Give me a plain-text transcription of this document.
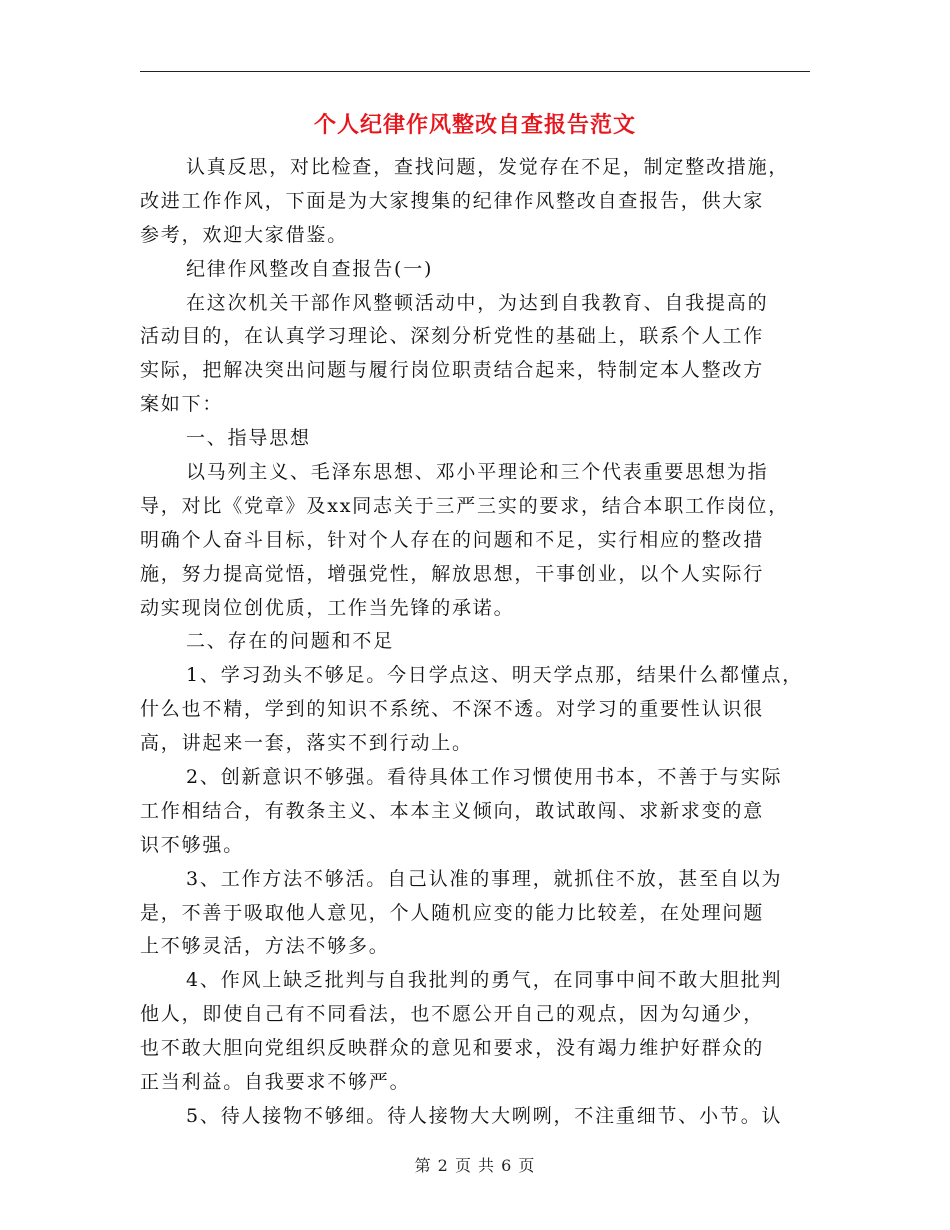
个人纪律作风整改自查报告范文
认真反思，对比检查，查找问题，发觉存在不足，制定整改措施，
改进工作作风，下面是为大家搜集的纪律作风整改自查报告，供大家
参考，欢迎大家借鉴。
纪律作风整改自查报告(一)
在这次机关干部作风整顿活动中，为达到自我教育、自我提高的
活动目的，在认真学习理论、深刻分析党性的基础上，联系个人工作
实际，把解决突出问题与履行岗位职责结合起来，特制定本人整改方
案如下：
一、指导思想
以马列主义、毛泽东思想、邓小平理论和三个代表重要思想为指
导，对比《党章》及xx同志关于三严三实的要求，结合本职工作岗位，
明确个人奋斗目标，针对个人存在的问题和不足，实行相应的整改措
施，努力提高觉悟，增强党性，解放思想，干事创业，以个人实际行
动实现岗位创优质，工作当先锋的承诺。
二、存在的问题和不足
1、学习劲头不够足。今日学点这、明天学点那，结果什么都懂点，
什么也不精，学到的知识不系统、不深不透。对学习的重要性认识很
高，讲起来一套，落实不到行动上。
2、创新意识不够强。看待具体工作习惯使用书本，不善于与实际
工作相结合，有教条主义、本本主义倾向，敢试敢闯、求新求变的意
识不够强。
3、工作方法不够活。自己认准的事理，就抓住不放，甚至自以为
是，不善于吸取他人意见，个人随机应变的能力比较差，在处理问题
上不够灵活，方法不够多。
4、作风上缺乏批判与自我批判的勇气，在同事中间不敢大胆批判
他人，即使自己有不同看法，也不愿公开自己的观点，因为勾通少，
也不敢大胆向党组织反映群众的意见和要求，没有竭力维护好群众的
正当利益。自我要求不够严。
5、待人接物不够细。待人接物大大咧咧，不注重细节、小节。认
第 2 页 共 6 页
